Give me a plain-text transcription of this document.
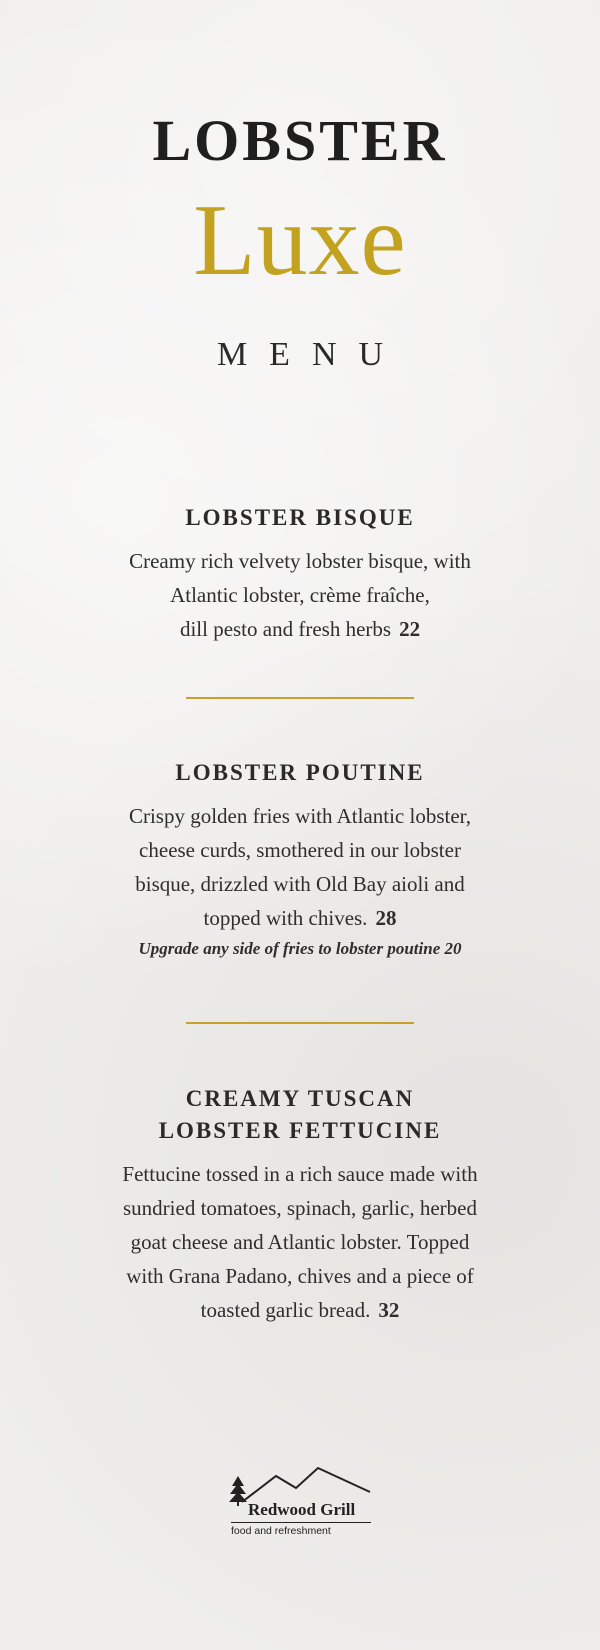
LOBSTER
Luxe
MENU

LOBSTER BISQUE

Creamy rich velvety lobster bisque, with
Atlantic lobster, crème fraîche,
dill pesto and fresh herbs 22

LOBSTER POUTINE

Crispy golden fries with Atlantic lobster,
cheese curds, smothered in our lobster
bisque, drizzled with Old Bay aioli and
topped with chives. 28
Upgrade any side of fries to lobster poutine 20

CREAMY TUSCAN
LOBSTER FETTUCINE

Fettucine tossed in a rich sauce made with
sundried tomatoes, spinach, garlic, herbed
goat cheese and Atlantic lobster. Topped
with Grana Padano, chives and a piece of
toasted garlic bread. 32
Redwood Grill
food and refreshment
